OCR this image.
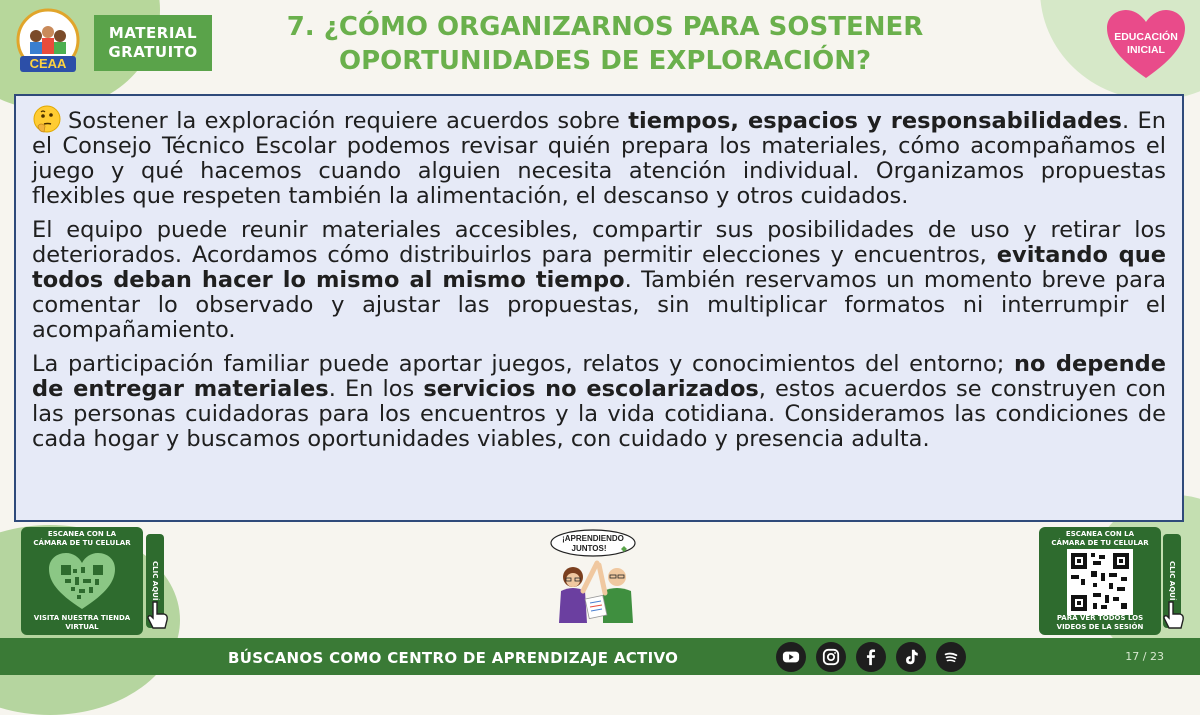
CEAA
MATERIAL
GRATUITO
7. ¿CÓMO ORGANIZARNOS PARA SOSTENER
OPORTUNIDADES DE EXPLORACIÓN?
EDUCACIÓN
INICIAL

Sostener la exploración requiere acuerdos sobre tiempos, espacios y responsabilidades. En el Consejo Técnico Escolar podemos revisar quién prepara los materiales, cómo acompañamos el juego y qué hacemos cuando alguien necesita atención individual. Organizamos propuestas flexibles que respeten también la alimentación, el descanso y otros cuidados.

El equipo puede reunir materiales accesibles, compartir sus posibilidades de uso y retirar los deteriorados. Acordamos cómo distribuirlos para permitir elecciones y encuentros, evitando que todos deban hacer lo mismo al mismo tiempo. También reservamos un momento breve para comentar lo observado y ajustar las propuestas, sin multiplicar formatos ni interrumpir el acompañamiento.

La participación familiar puede aportar juegos, relatos y conocimientos del entorno; no depende de entregar materiales. En los servicios no escolarizados, estos acuerdos se construyen con las personas cuidadoras para los encuentros y la vida cotidiana. Consideramos las condiciones de cada hogar y buscamos oportunidades viables, con cuidado y presencia adulta.

ESCANEA CON LA
CÁMARA DE TU CELULAR
VISITA NUESTRA TIENDA
VIRTUAL
CLIC AQUÍ
¡APRENDIENDO
JUNTOS!
ESCANEA CON LA
CÁMARA DE TU CELULAR
PARA VER TODOS LOS
VIDEOS DE LA SESIÓN
CLIC AQUÍ
BÚSCANOS COMO CENTRO DE APRENDIZAJE ACTIVO	17 / 23
